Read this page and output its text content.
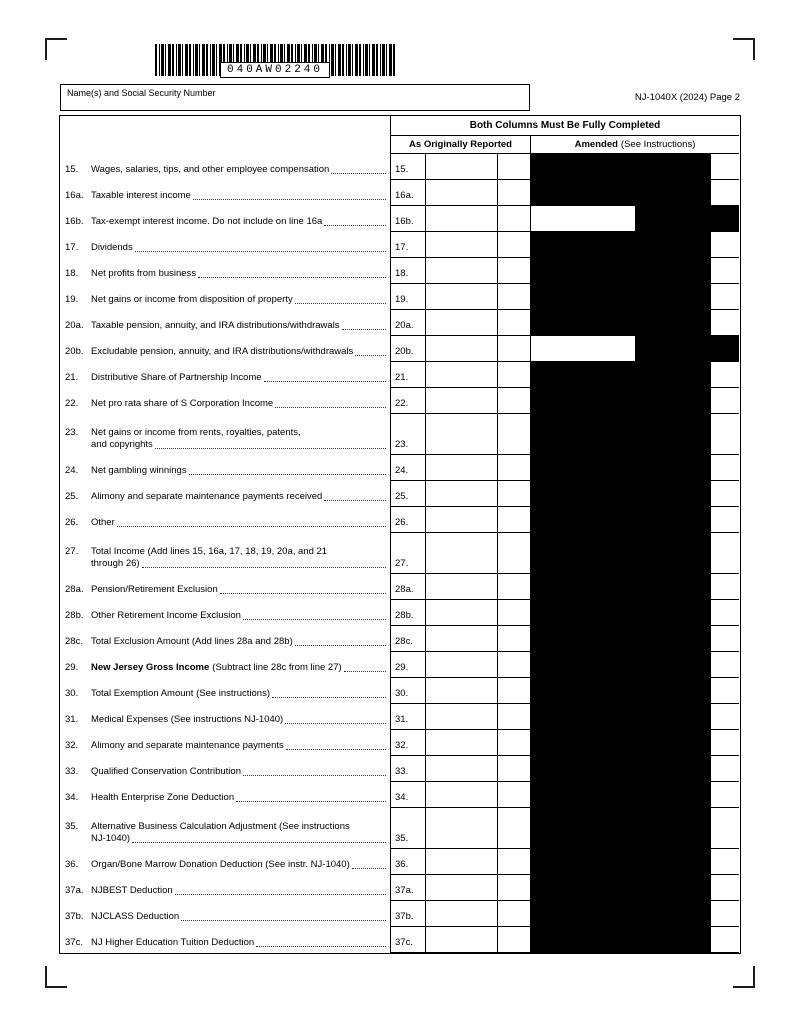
040AW02240
Name(s) and Social Security Number	NJ-1040X (2024) Page 2
Both Columns Must Be Fully Completed
As Originally Reported	Amended (See Instructions)
15.	Wages, salaries, tips, and other employee compensation	15.
16a. Taxable interest income	16a.
16b. Tax-exempt interest income. Do not include on line 16a	16b.
17.	Dividends	17.
18.	Net profits from business	18.
19.	Net gains or income from disposition of property	19.
20a. Taxable pension, annuity, and IRA distributions/withdrawals	20a.
20b. Excludable pension, annuity, and IRA distributions/withdrawals	20b.
21.	Distributive Share of Partnership Income	21.
22.	Net pro rata share of S Corporation Income	22.
23.	Net gains or income from rents, royalties, patents,
and copyrights	23.
24.	Net gambling winnings	24.
25.	Alimony and separate maintenance payments received	25.
26.	Other	26.
27.	Total Income (Add lines 15, 16a, 17, 18, 19, 20a, and 21
through 26)	27.
28a. Pension/Retirement Exclusion	28a.
28b. Other Retirement Income Exclusion	28b.
28c. Total Exclusion Amount (Add lines 28a and 28b)	28c.
29.	New Jersey Gross Income (Subtract line 28c from line 27)	29.
30.	Total Exemption Amount (See instructions)	30.
31.	Medical Expenses (See instructions NJ-1040)	31.
32.	Alimony and separate maintenance payments	32.
33.	Qualified Conservation Contribution	33.
34.	Health Enterprise Zone Deduction	34.
35.	Alternative Business Calculation Adjustment (See instructions
NJ-1040)	35.
36.	Organ/Bone Marrow Donation Deduction (See instr. NJ-1040)	36.
37a. NJBEST Deduction	37a.
37b. NJCLASS Deduction	37b.
37c. NJ Higher Education Tuition Deduction	37c.
